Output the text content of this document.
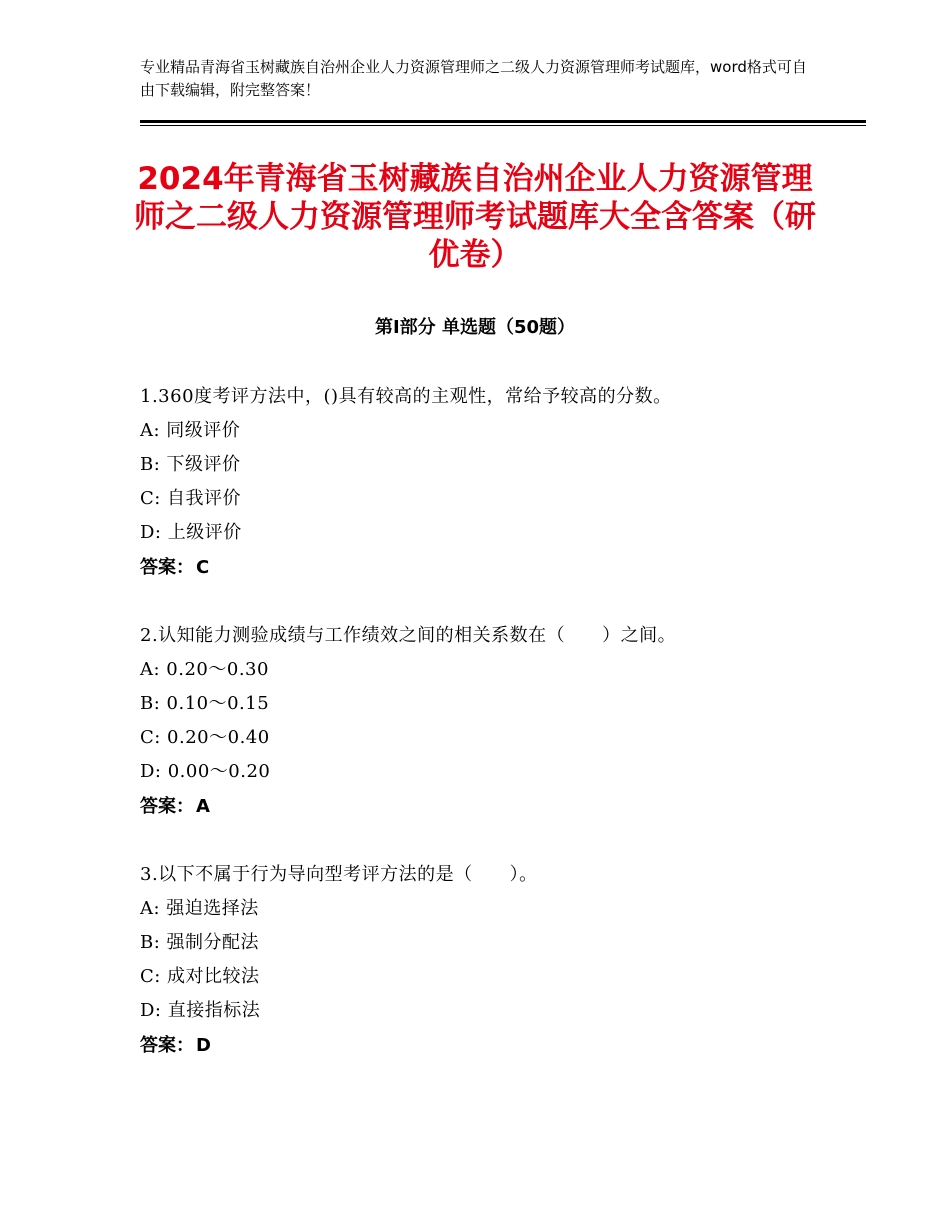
专业精品青海省玉树藏族自治州企业人力资源管理师之二级人力资源管理师考试题库，word格式可自由下载编辑，附完整答案！
2024年青海省玉树藏族自治州企业人力资源管理师之二级人力资源管理师考试题库大全含答案（研优卷）
第Ⅰ部分 单选题（50题）
1.360度考评方法中，()具有较高的主观性，常给予较高的分数。
A: 同级评价
B: 下级评价
C: 自我评价
D: 上级评价
答案： C
2.认知能力测验成绩与工作绩效之间的相关系数在（　　）之间。
A: 0.20～0.30
B: 0.10～0.15
C: 0.20～0.40
D: 0.00～0.20
答案： A
3.以下不属于行为导向型考评方法的是（　　）。
A: 强迫选择法
B: 强制分配法
C: 成对比较法
D: 直接指标法
答案： D
